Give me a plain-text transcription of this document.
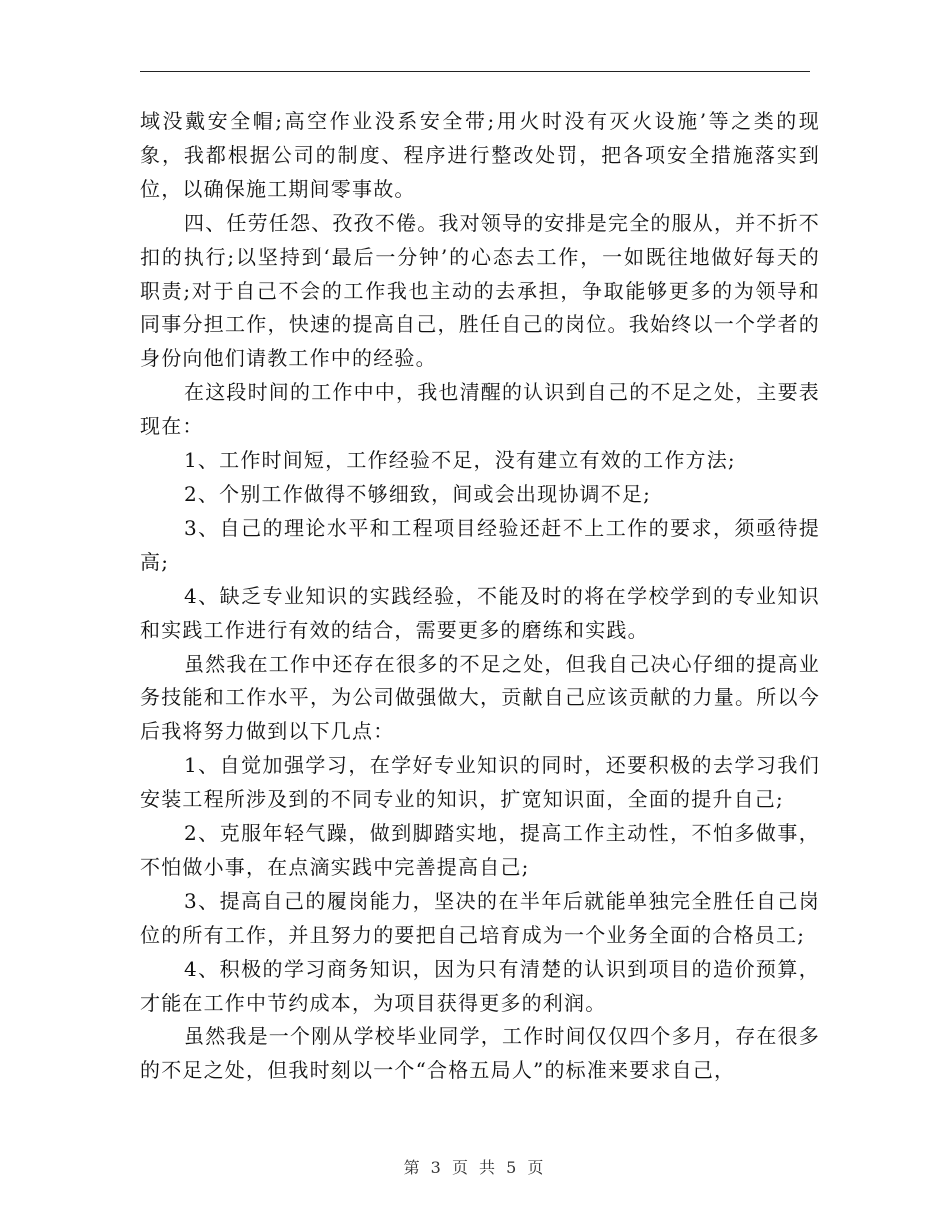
域没戴安全帽;高空作业没系安全带;用火时没有灭火设施’等之类的现象，我都根据公司的制度、程序进行整改处罚，把各项安全措施落实到位，以确保施工期间零事故。

四、任劳任怨、孜孜不倦。我对领导的安排是完全的服从，并不折不扣的执行;以坚持到‘最后一分钟’的心态去工作，一如既往地做好每天的职责;对于自己不会的工作我也主动的去承担，争取能够更多的为领导和同事分担工作，快速的提高自己，胜任自己的岗位。我始终以一个学者的身份向他们请教工作中的经验。

在这段时间的工作中中，我也清醒的认识到自己的不足之处，主要表现在：

1、工作时间短，工作经验不足，没有建立有效的工作方法;

2、个别工作做得不够细致，间或会出现协调不足;

3、自己的理论水平和工程项目经验还赶不上工作的要求，须亟待提高;

4、缺乏专业知识的实践经验，不能及时的将在学校学到的专业知识和实践工作进行有效的结合，需要更多的磨练和实践。

虽然我在工作中还存在很多的不足之处，但我自己决心仔细的提高业务技能和工作水平，为公司做强做大，贡献自己应该贡献的力量。所以今后我将努力做到以下几点：

1、自觉加强学习，在学好专业知识的同时，还要积极的去学习我们安装工程所涉及到的不同专业的知识，扩宽知识面，全面的提升自己;

2、克服年轻气躁，做到脚踏实地，提高工作主动性，不怕多做事，不怕做小事，在点滴实践中完善提高自己;

3、提高自己的履岗能力，坚决的在半年后就能单独完全胜任自己岗位的所有工作，并且努力的要把自己培育成为一个业务全面的合格员工;

4、积极的学习商务知识，因为只有清楚的认识到项目的造价预算，才能在工作中节约成本，为项目获得更多的利润。

虽然我是一个刚从学校毕业同学，工作时间仅仅四个多月，存在很多的不足之处，但我时刻以一个“合格五局人”的标准来要求自己，

第 3 页 共 5 页
